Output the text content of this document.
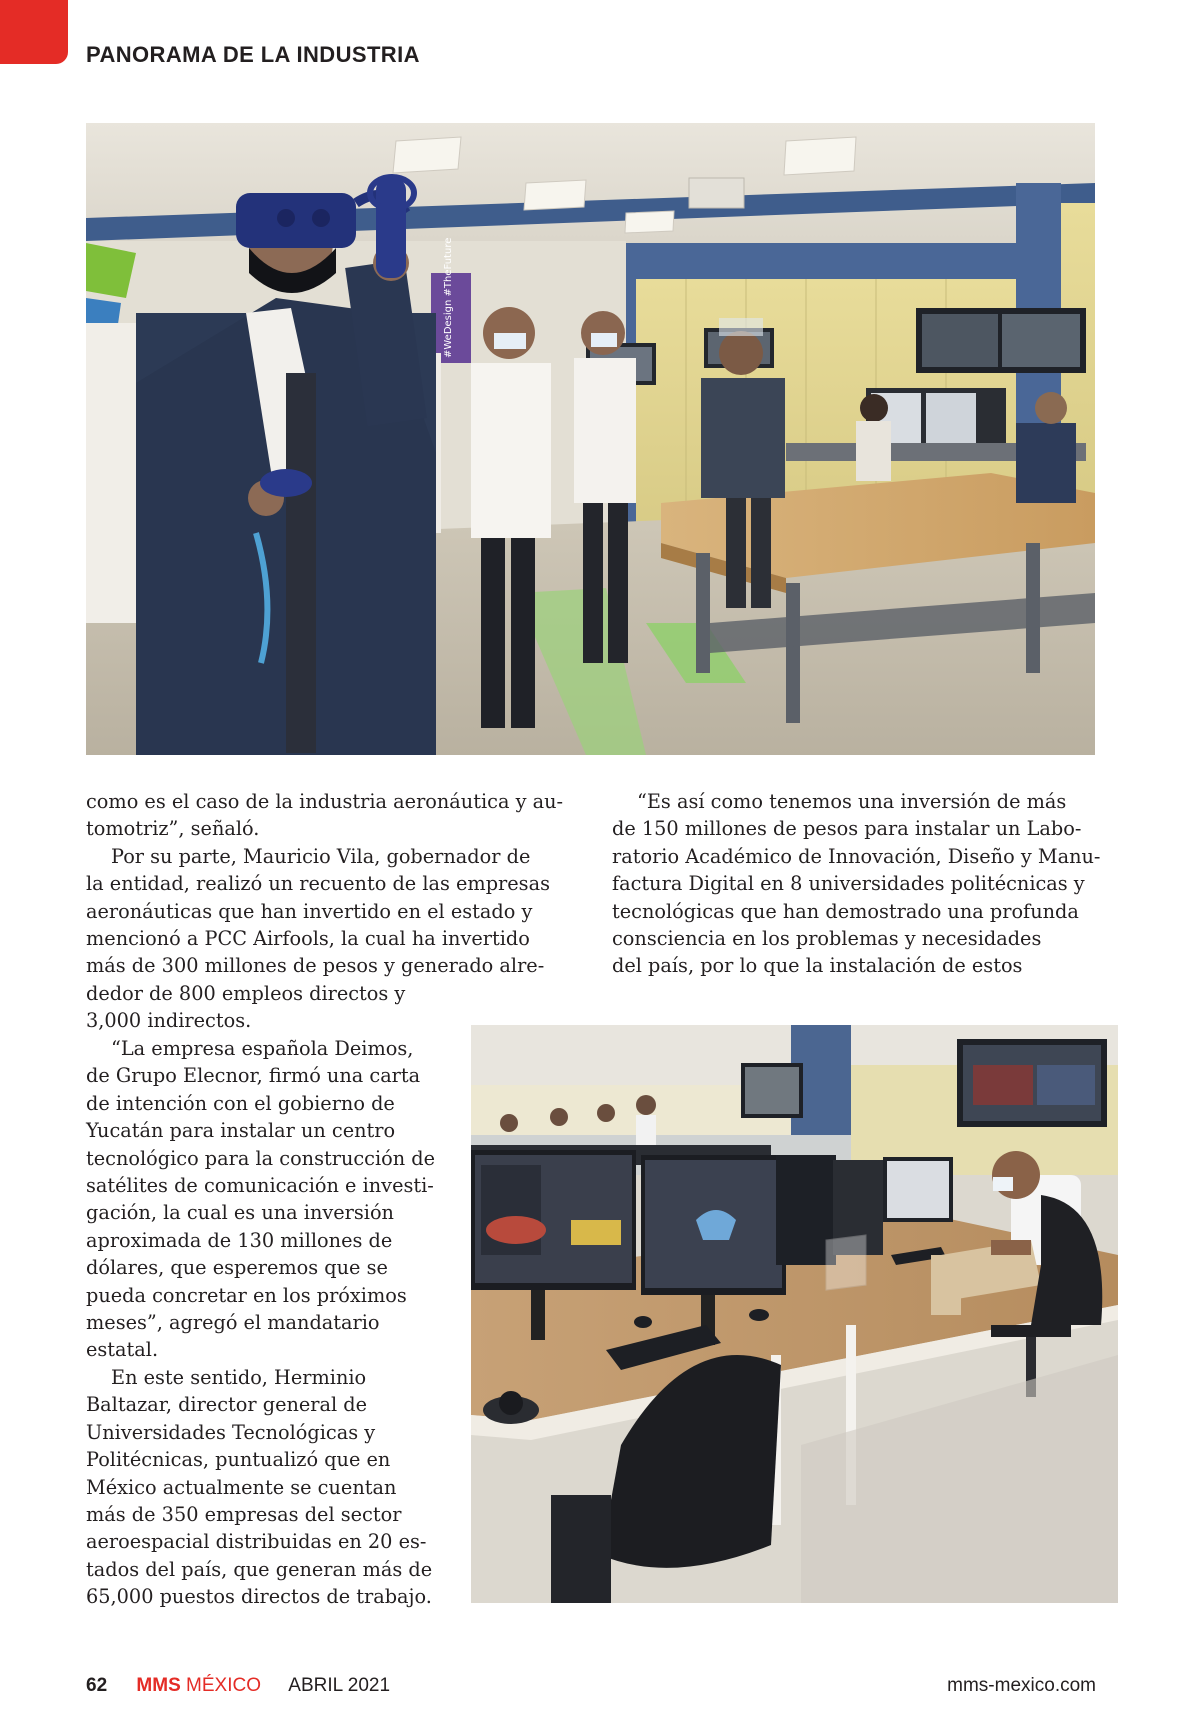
PANORAMA DE LA INDUSTRIA
#WeDesign #TheFuture

como es el caso de la industria aeronáutica y au-

tomotriz”, señaló.

Por su parte, Mauricio Vila, gobernador de

la entidad, realizó un recuento de las empresas

aeronáuticas que han invertido en el estado y

mencionó a PCC Airfools, la cual ha invertido

más de 300 millones de pesos y generado alre-

dedor de 800 empleos directos y

3,000 indirectos.

“La empresa española Deimos,

de Grupo Elecnor, firmó una carta

de intención con el gobierno de

Yucatán para instalar un centro

tecnológico para la construcción de

satélites de comunicación e investi-

gación, la cual es una inversión

aproximada de 130 millones de

dólares, que esperemos que se

pueda concretar en los próximos

meses”, agregó el mandatario

estatal.

En este sentido, Herminio

Baltazar, director general de

Universidades Tecnológicas y

Politécnicas, puntualizó que en

México actualmente se cuentan

más de 350 empresas del sector

aeroespacial distribuidas en 20 es-

tados del país, que generan más de

65,000 puestos directos de trabajo.

“Es así como tenemos una inversión de más

de 150 millones de pesos para instalar un Labo-

ratorio Académico de Innovación, Diseño y Manu-

factura Digital en 8 universidades politécnicas y

tecnológicas que han demostrado una profunda

consciencia en los problemas y necesidades

del país, por lo que la instalación de estos

62 MMS MÉXICO ABRIL 2021	mms-mexico.com
